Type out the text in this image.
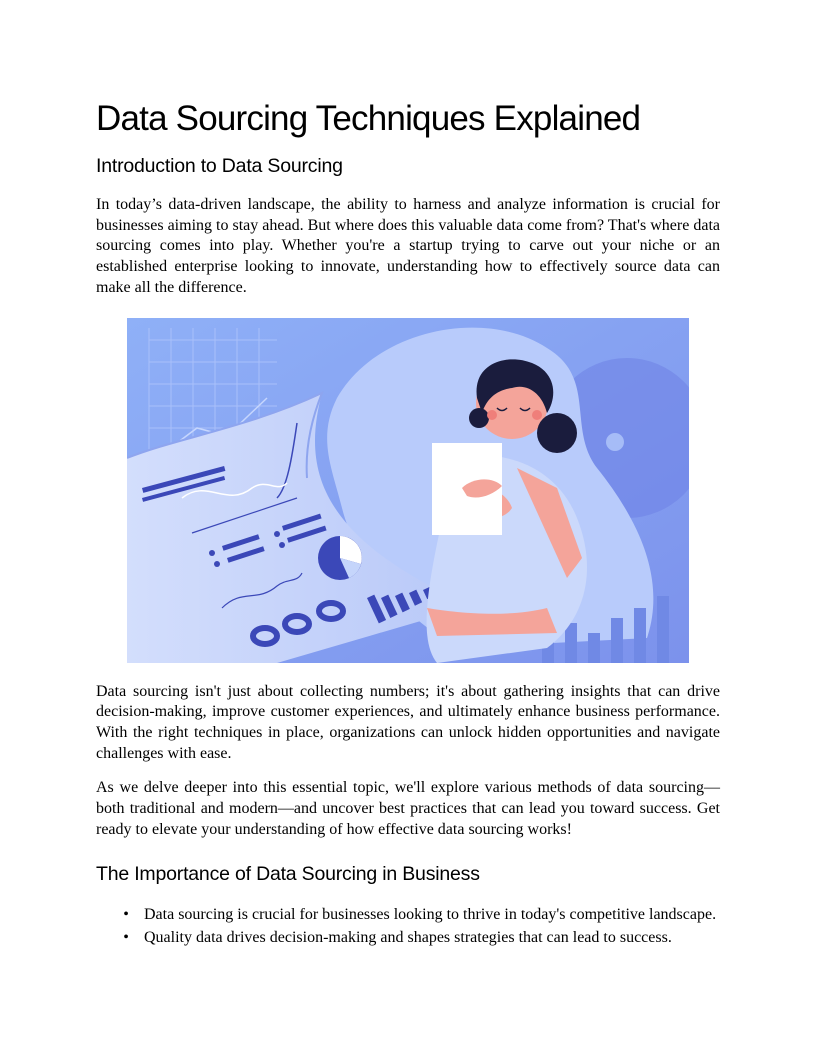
Data Sourcing Techniques Explained
Introduction to Data Sourcing

In today’s data-driven landscape, the ability to harness and analyze information is crucial for businesses aiming to stay ahead. But where does this valuable data come from? That's where data sourcing comes into play. Whether you're a startup trying to carve out your niche or an established enterprise looking to innovate, understanding how to effectively source data can make all the difference.

Data sourcing isn't just about collecting numbers; it's about gathering insights that can drive decision-making, improve customer experiences, and ultimately enhance business performance. With the right techniques in place, organizations can unlock hidden opportunities and navigate challenges with ease.

As we delve deeper into this essential topic, we'll explore various methods of data sourcing—both traditional and modern—and uncover best practices that can lead you toward success. Get ready to elevate your understanding of how effective data sourcing works!

The Importance of Data Sourcing in Business
• Data sourcing is crucial for businesses looking to thrive in today's competitive landscape.
• Quality data drives decision-making and shapes strategies that can lead to success.
